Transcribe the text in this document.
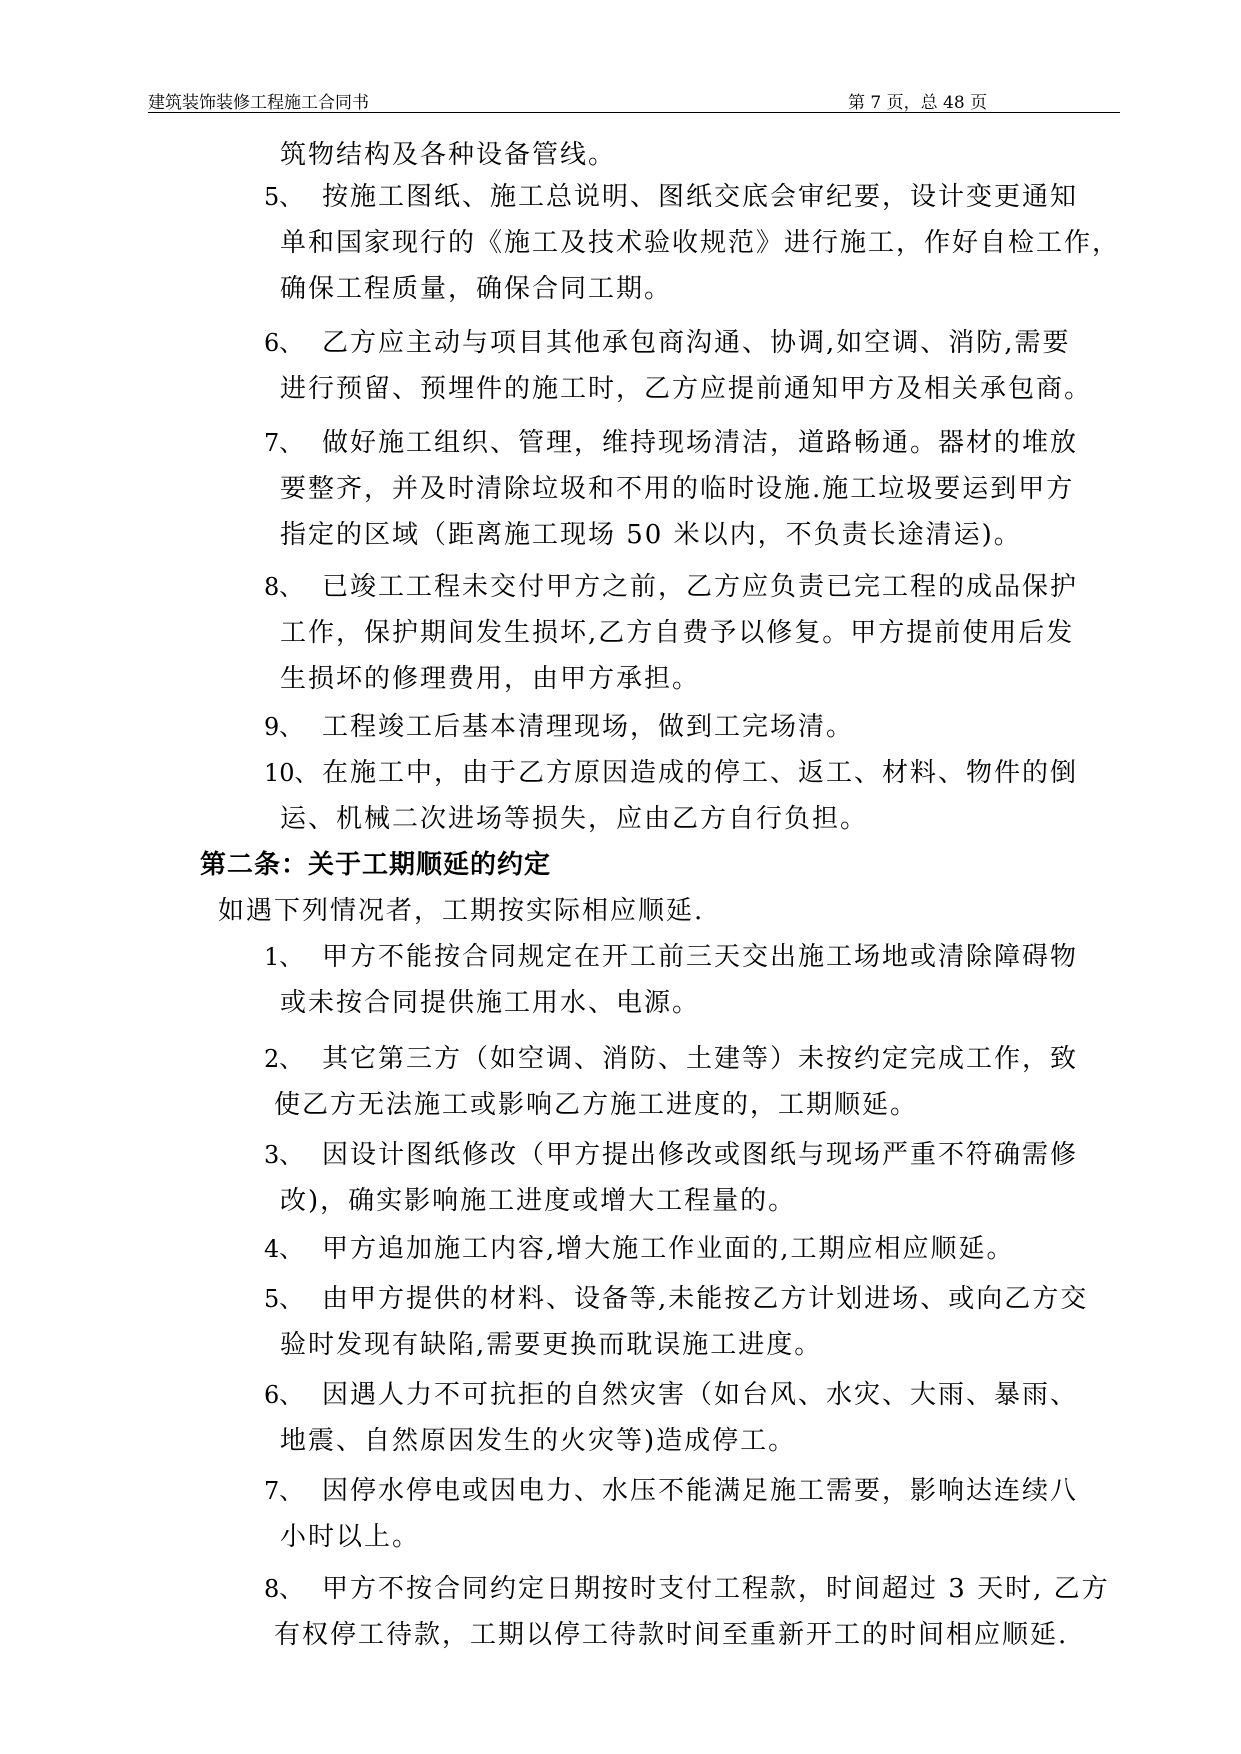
建筑装饰装修工程施工合同书	第 7 页，总 48 页
筑物结构及各种设备管线。
5、 按施工图纸、施工总说明、图纸交底会审纪要，设计变更通知
单和国家现行的《施工及技术验收规范》进行施工，作好自检工作，
确保工程质量，确保合同工期。
6、 乙方应主动与项目其他承包商沟通、协调,如空调、消防,需要
进行预留、预埋件的施工时，乙方应提前通知甲方及相关承包商。
7、 做好施工组织、管理，维持现场清洁，道路畅通。器材的堆放
要整齐，并及时清除垃圾和不用的临时设施.施工垃圾要运到甲方
指定的区域（距离施工现场 50 米以内，不负责长途清运)。
8、 已竣工工程未交付甲方之前，乙方应负责已完工程的成品保护
工作，保护期间发生损坏,乙方自费予以修复。甲方提前使用后发
生损坏的修理费用，由甲方承担。
9、 工程竣工后基本清理现场，做到工完场清。
10、 在施工中，由于乙方原因造成的停工、返工、材料、物件的倒
运、机械二次进场等损失，应由乙方自行负担。
第二条：关于工期顺延的约定
如遇下列情况者，工期按实际相应顺延.
1、 甲方不能按合同规定在开工前三天交出施工场地或清除障碍物
或未按合同提供施工用水、电源。
2、 其它第三方（如空调、消防、土建等）未按约定完成工作，致
使乙方无法施工或影响乙方施工进度的，工期顺延。
3、 因设计图纸修改（甲方提出修改或图纸与现场严重不符确需修
改)，确实影响施工进度或增大工程量的。
4、 甲方追加施工内容,增大施工作业面的,工期应相应顺延。
5、 由甲方提供的材料、设备等,未能按乙方计划进场、或向乙方交
验时发现有缺陷,需要更换而耽误施工进度。
6、 因遇人力不可抗拒的自然灾害（如台风、水灾、大雨、暴雨、
地震、自然原因发生的火灾等)造成停工。
7、 因停水停电或因电力、水压不能满足施工需要，影响达连续八
小时以上。
8、 甲方不按合同约定日期按时支付工程款，时间超过 3 天时, 乙方
有权停工待款，工期以停工待款时间至重新开工的时间相应顺延.
